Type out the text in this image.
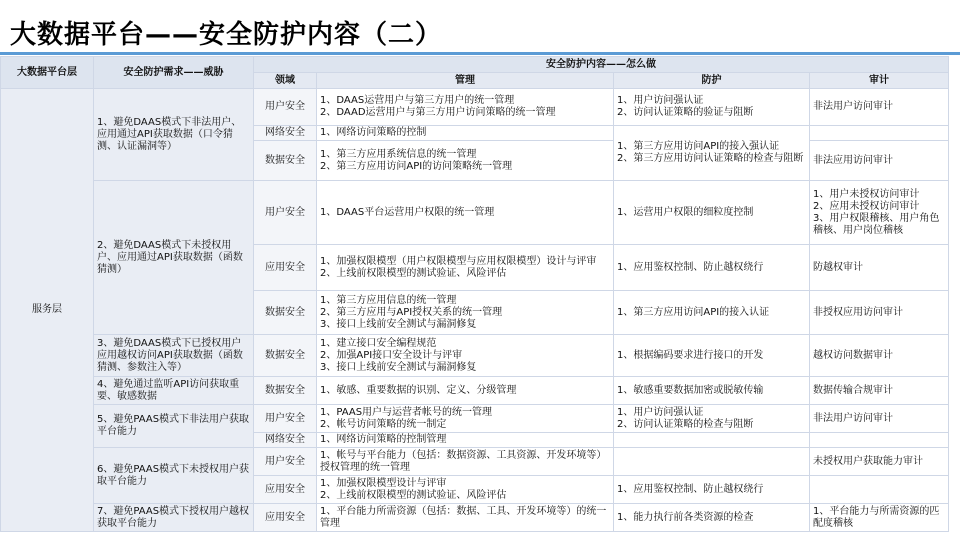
大数据平台——安全防护内容（二）
大数据平台层	安全防护需求——威胁	安全防护内容——怎么做			
		领域	管理	防护	审计
服务层	1、避免DAAS模式下非法用户、应用通过API获取数据（口令猜测、认证漏洞等）	用户安全	1、DAAS运营用户与第三方用户的统一管理
2、DAAD运营用户与第三方用户访问策略的统一管理	1、用户访问强认证
2、访问认证策略的验证与阻断	非法用户访问审计
		网络安全	1、网络访问策略的控制	1、第三方应用访问API的接入强认证
2、第三方应用访问认证策略的检查与阻断	
		数据安全	1、第三方应用系统信息的统一管理
2、第三方应用访问API的访问策略统一管理		非法应用访问审计
	2、避免DAAS模式下未授权用户、应用通过API获取数据（函数猜测）	用户安全	1、DAAS平台运营用户权限的统一管理	1、运营用户权限的细粒度控制	1、用户未授权访问审计
2、应用未授权访问审计
3、用户权限稽核、用户角色稽核、用户岗位稽核
		应用安全	1、加强权限模型（用户权限模型与应用权限模型）设计与评审
2、上线前权限模型的测试验证、风险评估	1、应用鉴权控制、防止越权绕行	防越权审计
		数据安全	1、第三方应用信息的统一管理
2、第三方应用与API授权关系的统一管理
3、接口上线前安全测试与漏洞修复	1、第三方应用访问API的接入认证	非授权应用访问审计
	3、避免DAAS模式下已授权用户应用越权访问API获取数据（函数猜测、参数注入等）	数据安全	1、建立接口安全编程规范
2、加强API接口安全设计与评审
3、接口上线前安全测试与漏洞修复	1、根据编码要求进行接口的开发	越权访问数据审计
	4、避免通过监听API访问获取重要、敏感数据	数据安全	1、敏感、重要数据的识别、定义、分级管理	1、敏感重要数据加密或脱敏传输	数据传输合规审计
	5、避免PAAS模式下非法用户获取平台能力	用户安全	1、PAAS用户与运营者帐号的统一管理
2、帐号访问策略的统一制定	1、用户访问强认证
2、访问认证策略的检查与阻断	非法用户访问审计
		网络安全	1、网络访问策略的控制管理		
	6、避免PAAS模式下未授权用户获取平台能力	用户安全	1、帐号与平台能力（包括：数据资源、工具资源、开发环境等）授权管理的统一管理		未授权用户获取能力审计
		应用安全	1、加强权限模型设计与评审
2、上线前权限模型的测试验证、风险评估	1、应用鉴权控制、防止越权绕行	
	7、避免PAAS模式下授权用户越权获取平台能力	应用安全	1、平台能力所需资源（包括：数据、工具、开发环境等）的统一管理	1、能力执行前各类资源的检查	1、平台能力与所需资源的匹配度稽核
